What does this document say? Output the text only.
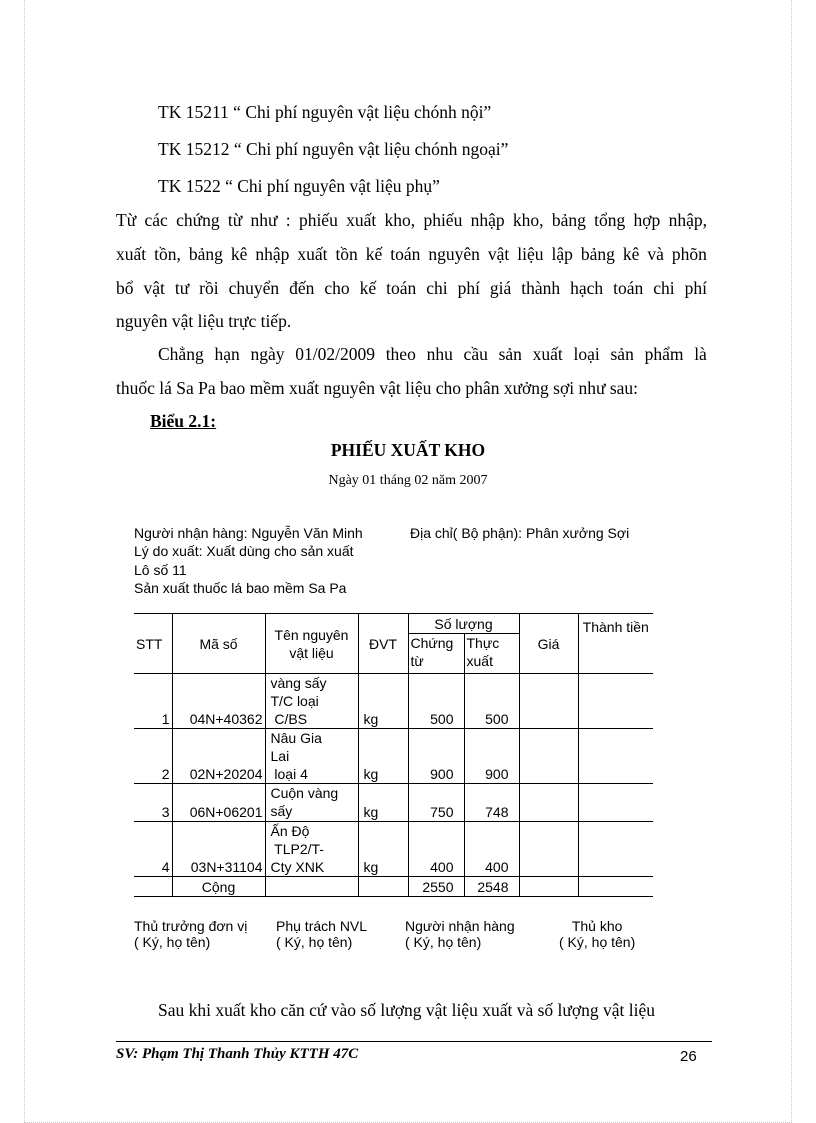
TK 15211 “ Chi phí nguyên vật liệu chónh nội”
TK 15212 “ Chi phí nguyên vật liệu chónh ngoại”
TK 1522 “ Chi phí nguyên vật liệu phụ”
Từ các chứng từ như : phiếu xuất kho, phiếu nhập kho, bảng tổng hợp nhập,
xuất tồn, bảng kê nhập xuất tồn kế toán nguyên vật liệu lập bảng kê và phõn
bổ vật tư rồi chuyển đến cho kế toán chi phí giá thành hạch toán chi phí
nguyên vật liệu trực tiếp.
Chẳng hạn ngày 01/02/2009 theo nhu cầu sản xuất loại sản phẩm là
thuốc lá Sa Pa bao mềm xuất nguyên vật liệu cho phân xưởng sợi như sau:
Biểu 2.1:
PHIẾU XUẤT KHO
Ngày 01 tháng 02 năm 2007
Người nhận hàng: Nguyễn Văn Minh	Địa chỉ( Bộ phận): Phân xưởng Sợi
Lý do xuất: Xuất dùng cho sản xuất
Lô số 11
Sản xuất thuốc lá bao mềm Sa Pa
STT	Mã số	Tên nguyên vật liệu	ĐVT	Số lượng		Giá	Thành tiền
				Chứng từ	Thực xuất		
1	04N+40362	vàng sấy
T/C loại
C/BS	kg	500	500		
2	02N+20204	Nâu Gia
Lai
loại 4	kg	900	900		
3	06N+06201	Cuộn vàng
sấy	kg	750	748		
4	03N+31104	Ấn Độ
TLP2/T-
Cty XNK	kg	400	400		
	Cộng			2550	2548		
Thủ trưởng đơn vị
( Ký, họ tên)
Phụ trách NVL
( Ký, họ tên)
Người nhận hàng
( Ký, họ tên)
Thủ kho
( Ký, họ tên)
Sau khi xuất kho căn cứ vào số lượng vật liệu xuất và số lượng vật liệu
SV: Phạm Thị Thanh Thủy KTTH 47C	26
